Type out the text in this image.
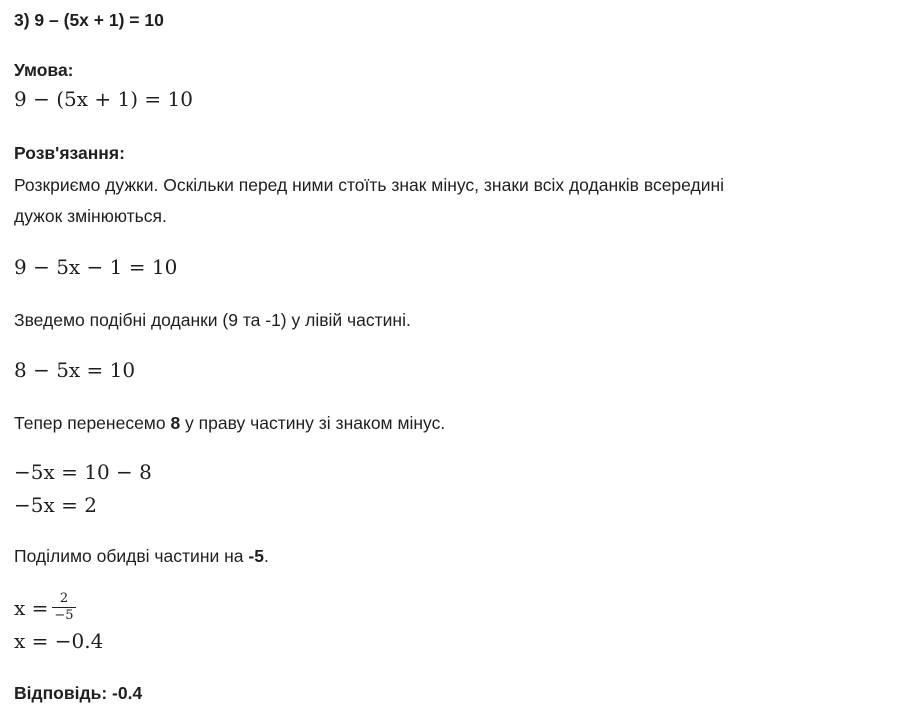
3) 9 – (5x + 1) = 10
Умова:
9 − (5x + 1) = 10
Розв'язання:
Розкриємо дужки. Оскільки перед ними стоїть знак мінус, знаки всіх доданків всередині
дужок змінюються.
9 − 5x − 1 = 10
Зведемо подібні доданки (9 та -1) у лівій частині.
8 − 5x = 10
Тепер перенесемо 8 у праву частину зі знаком мінус.
−5x = 10 − 8
−5x = 2
Поділимо обидві частини на -5.
$x = \frac{2}{-5}$
x = −0.4
Відповідь: -0.4
